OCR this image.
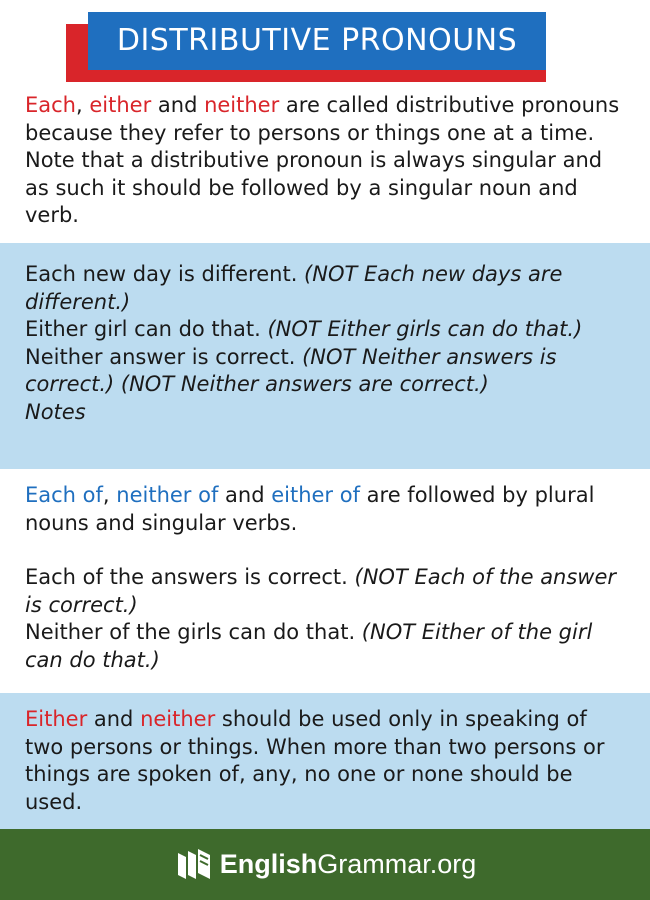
DISTRIBUTIVE PRONOUNS

Each, either and neither are called distributive pronouns because they refer to persons or things one at a time. Note that a distributive pronoun is always singular and as such it should be followed by a singular noun and verb.

Each new day is different. (NOT Each new days are different.)

Either girl can do that. (NOT Either girls can do that.)

Neither answer is correct. (NOT Neither answers is correct.) (NOT Neither answers are correct.)

Notes

Each of, neither of and either of are followed by plural nouns and singular verbs.

Each of the answers is correct. (NOT Each of the answer is correct.)

Neither of the girls can do that. (NOT Either of the girl can do that.)

Either and neither should be used only in speaking of two persons or things. When more than two persons or things are spoken of, any, no one or none should be used.

EnglishGrammar.org
